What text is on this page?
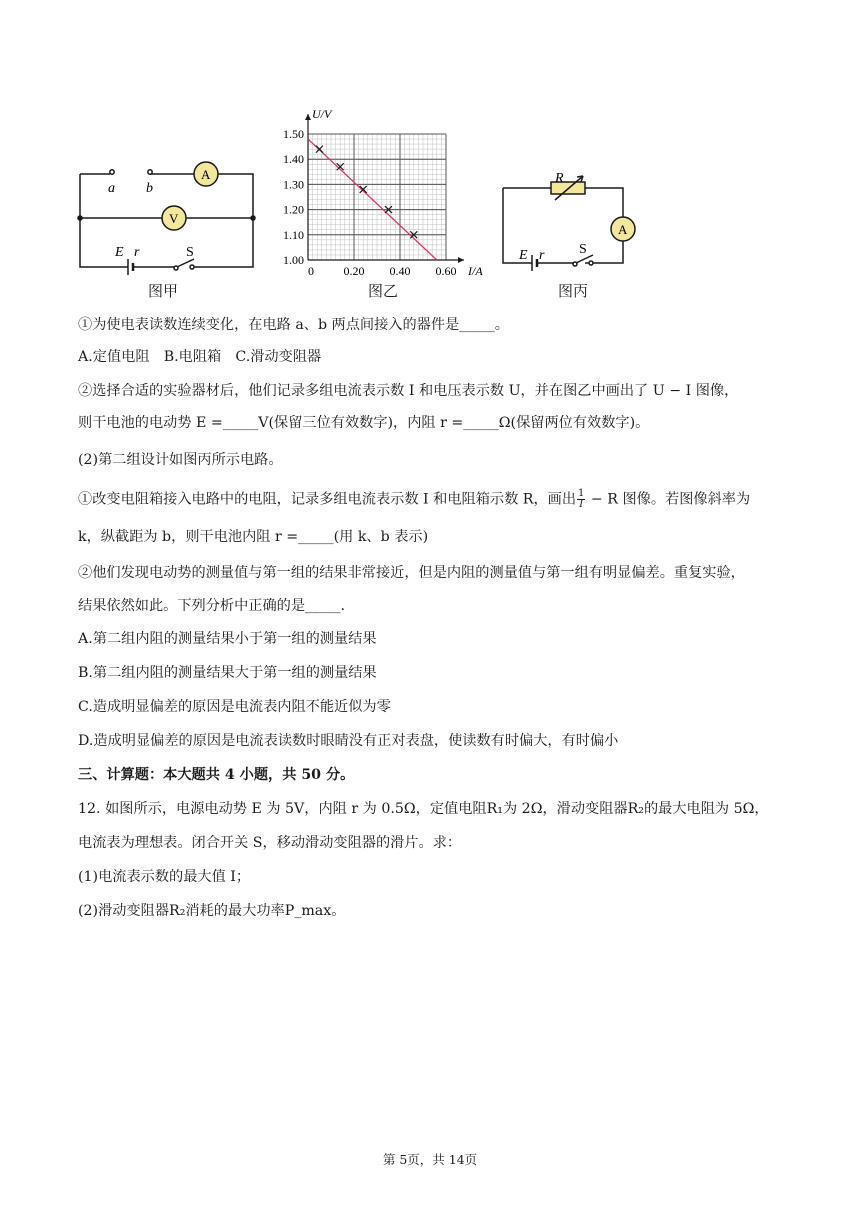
a b
A
V
E r	S
图甲
0 0.20 0.40 0.60
1.00
1.10
1.20
1.30
1.40
1.50
I/A
U/V
图乙
R
A
E r S
图丙
①为使电表读数连续变化，在电路 a、b 两点间接入的器件是_____。
A.定值电阻　B.电阻箱　C.滑动变阻器
②选择合适的实验器材后，他们记录多组电流表示数 I 和电压表示数 U，并在图乙中画出了 U − I 图像，
则干电池的电动势 E =_____V(保留三位有效数字)，内阻 r =_____Ω(保留两位有效数字)。
(2)第二组设计如图丙所示电路。
①改变电阻箱接入电路中的电阻，记录多组电流表示数 I 和电阻箱示数 R，画出 $\frac{1}{I} - R$ 图像。若图像斜率为
k，纵截距为 b，则干电池内阻 r =_____(用 k、b 表示)
②他们发现电动势的测量值与第一组的结果非常接近，但是内阻的测量值与第一组有明显偏差。重复实验，
结果依然如此。下列分析中正确的是_____.
A.第二组内阻的测量结果小于第一组的测量结果
B.第二组内阻的测量结果大于第一组的测量结果
C.造成明显偏差的原因是电流表内阻不能近似为零
D.造成明显偏差的原因是电流表读数时眼睛没有正对表盘，使读数有时偏大，有时偏小
三、计算题：本大题共 4 小题，共 50 分。
12. 如图所示，电源电动势 E 为 5V，内阻 r 为 0.5Ω，定值电阻R₁为 2Ω，滑动变阻器R₂的最大电阻为 5Ω，
电流表为理想表。闭合开关 S，移动滑动变阻器的滑片。求：
(1)电流表示数的最大值 I；
(2)滑动变阻器R₂消耗的最大功率P_max。
第 5页，共 14页
